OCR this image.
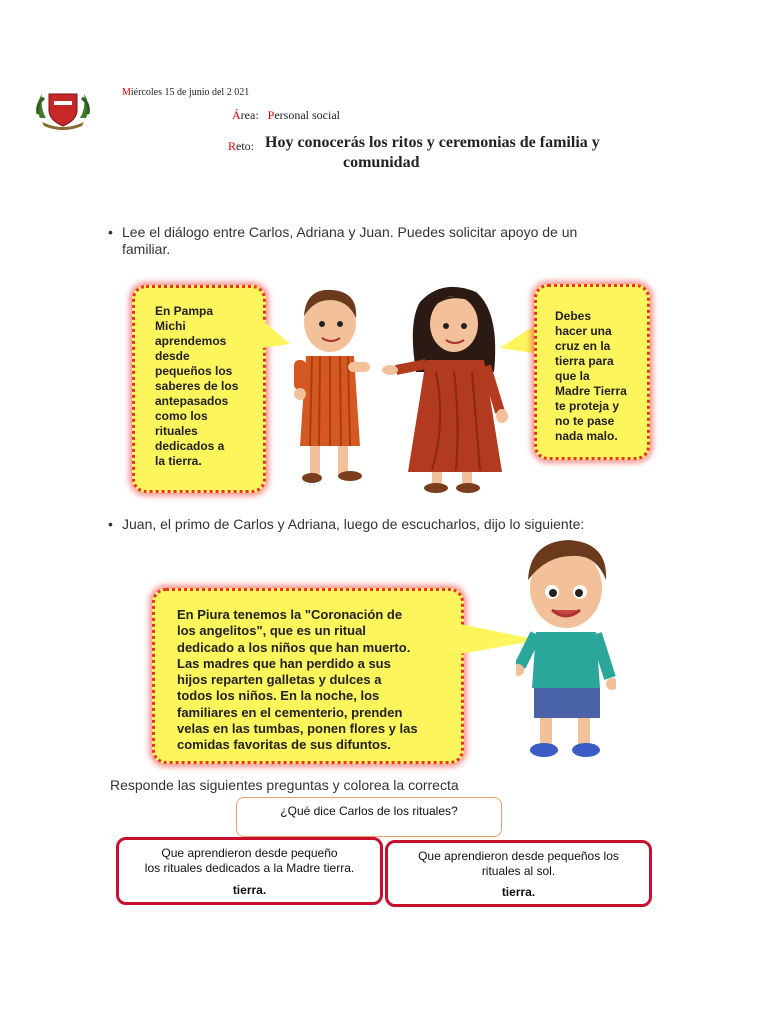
Miércoles 15 de junio del 2 021
Área: Personal social
Reto: Hoy conocerás los ritos y ceremonias de familia y
comunidad
• Lee el diálogo entre Carlos, Adriana y Juan. Puedes solicitar apoyo de un familiar.
En Pampa
Michi
aprendemos
desde
pequeños los
saberes de los
antepasados
como los
rituales
dedicados a
la tierra.
Debes
hacer una
cruz en la
tierra para
que la
Madre Tierra
te proteja y
no te pase
nada malo.
• Juan, el primo de Carlos y Adriana, luego de escucharlos, dijo lo siguiente:
En Piura tenemos la "Coronación de
los angelitos", que es un ritual
dedicado a los niños que han muerto.
Las madres que han perdido a sus
hijos reparten galletas y dulces a
todos los niños. En la noche, los
familiares en el cementerio, prenden
velas en las tumbas, ponen flores y las
comidas favoritas de sus difuntos.
Responde las siguientes preguntas y colorea la correcta
¿Qué dice Carlos de los rituales?
Que aprendieron desde pequeño
los rituales dedicados a la Madre tierra.
tierra.
Que aprendieron desde pequeños los
rituales al sol.
tierra.
